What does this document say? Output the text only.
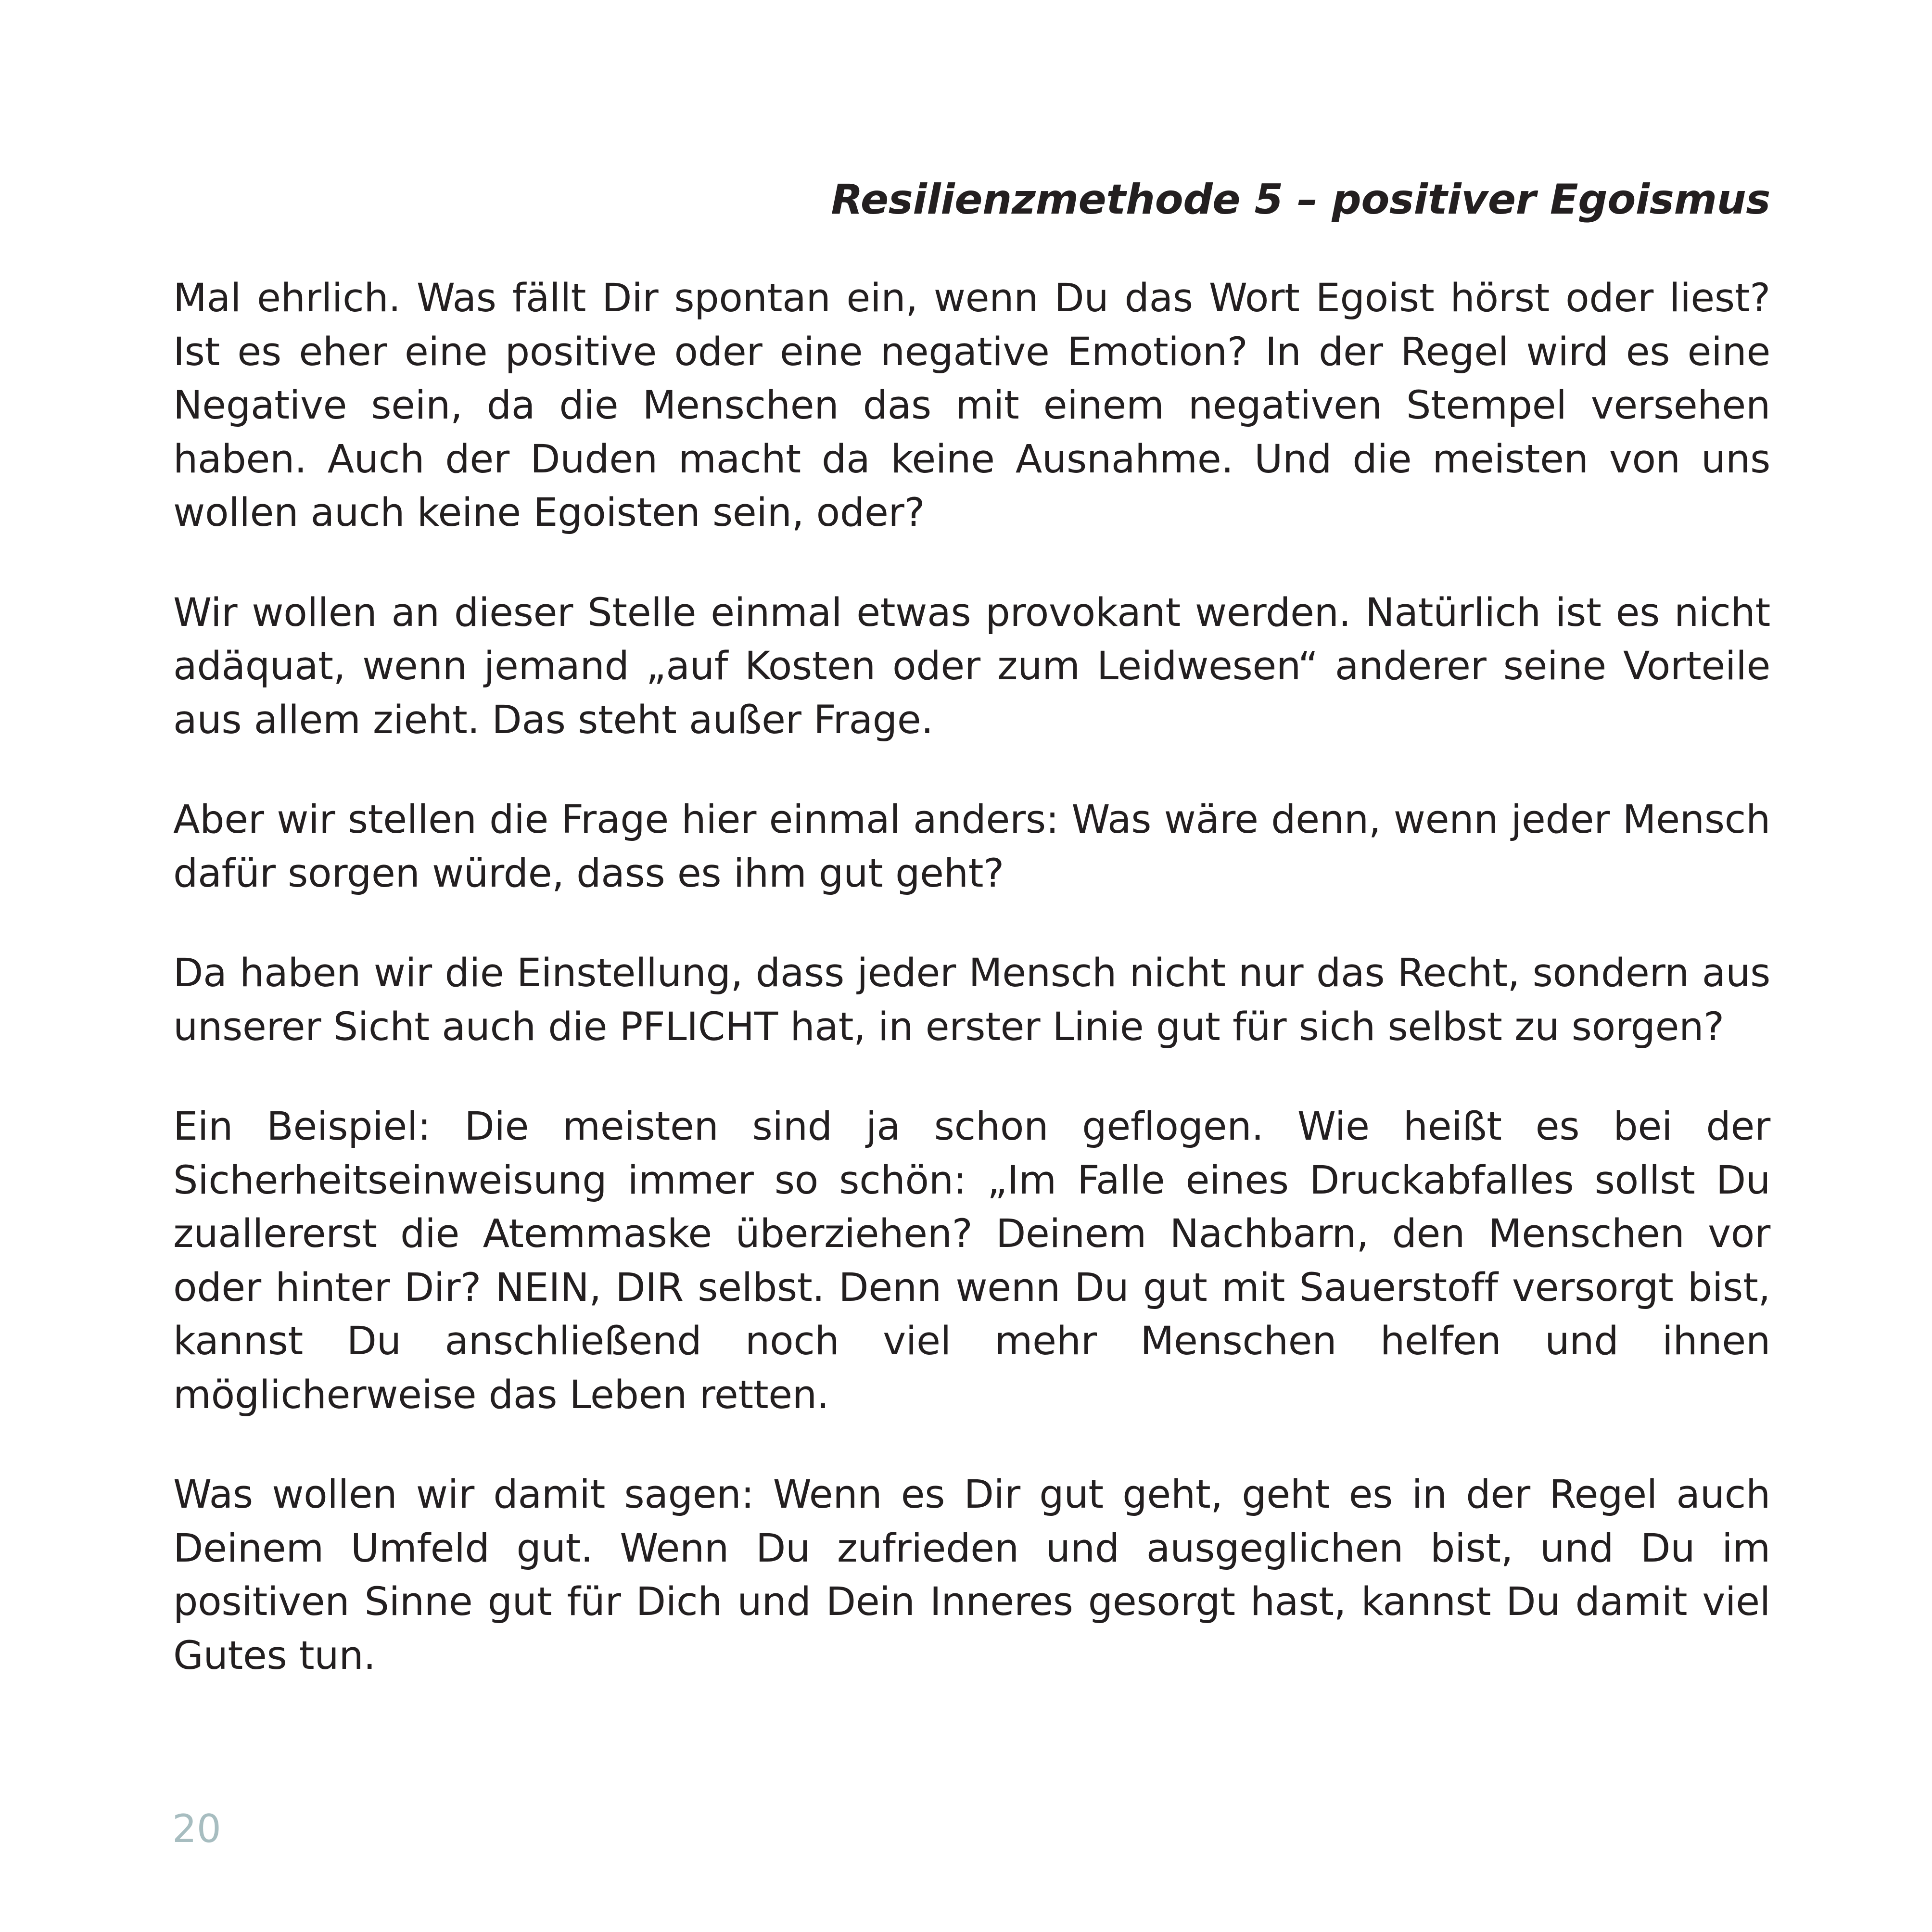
Resilienzmethode 5 – positiver Egoismus

Mal ehrlich. Was fällt Dir spontan ein, wenn Du das Wort Egoist hörst oder liest? Ist es eher eine positive oder eine negative Emotion? In der Regel wird es eine Negative sein, da die Menschen das mit einem negativen Stempel versehen haben. Auch der Duden macht da keine Ausnahme. Und die meisten von uns wollen auch keine Egoisten sein, oder?

Wir wollen an dieser Stelle einmal etwas provokant werden. Natürlich ist es nicht adäquat, wenn jemand „auf Kosten oder zum Leidwesen“ anderer seine Vorteile aus allem zieht. Das steht außer Frage.

Aber wir stellen die Frage hier einmal anders: Was wäre denn, wenn jeder Mensch dafür sorgen würde, dass es ihm gut geht?

Da haben wir die Einstellung, dass jeder Mensch nicht nur das Recht, sondern aus unserer Sicht auch die PFLICHT hat, in erster Linie gut für sich selbst zu sorgen?

Ein Beispiel: Die meisten sind ja schon geflogen. Wie heißt es bei der Sicherheitseinweisung immer so schön: „Im Falle eines Druckabfalles sollst Du zuallererst die Atemmaske überziehen? Deinem Nachbarn, den Menschen vor oder hinter Dir? NEIN, DIR selbst. Denn wenn Du gut mit Sauerstoff versorgt bist, kannst Du anschließend noch viel mehr Menschen helfen und ihnen möglicherweise das Leben retten.

Was wollen wir damit sagen: Wenn es Dir gut geht, geht es in der Regel auch Deinem Umfeld gut. Wenn Du zufrieden und ausgeglichen bist, und Du im positiven Sinne gut für Dich und Dein Inneres gesorgt hast, kannst Du damit viel Gutes tun.

20
